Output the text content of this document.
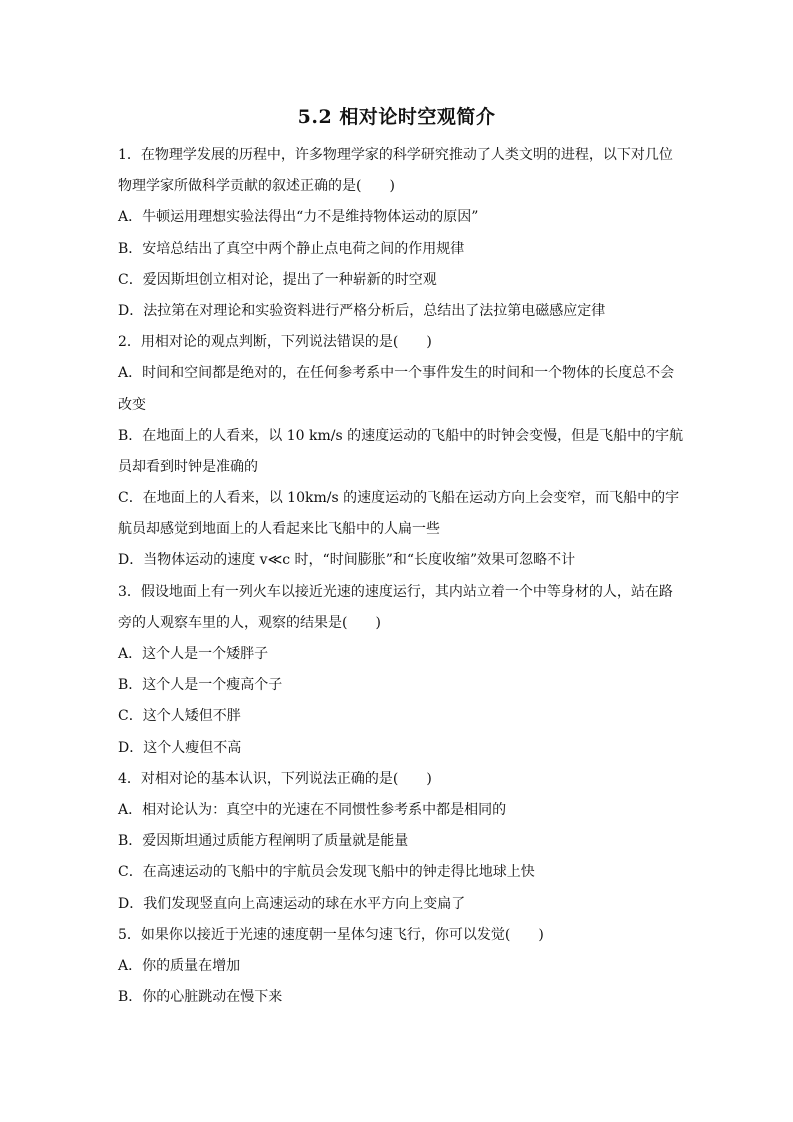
5.2 相对论时空观简介
1．在物理学发展的历程中，许多物理学家的科学研究推动了人类文明的进程，以下对几位
物理学家所做科学贡献的叙述正确的是(　　)
A．牛顿运用理想实验法得出“力不是维持物体运动的原因”
B．安培总结出了真空中两个静止点电荷之间的作用规律
C．爱因斯坦创立相对论，提出了一种崭新的时空观
D．法拉第在对理论和实验资料进行严格分析后，总结出了法拉第电磁感应定律
2．用相对论的观点判断，下列说法错误的是(　　)
A．时间和空间都是绝对的，在任何参考系中一个事件发生的时间和一个物体的长度总不会
改变
B．在地面上的人看来，以 10 km/s 的速度运动的飞船中的时钟会变慢，但是飞船中的宇航
员却看到时钟是准确的
C．在地面上的人看来，以 10km/s 的速度运动的飞船在运动方向上会变窄，而飞船中的宇
航员却感觉到地面上的人看起来比飞船中的人扁一些
D．当物体运动的速度 v≪c 时，“时间膨胀”和“长度收缩”效果可忽略不计
3．假设地面上有一列火车以接近光速的速度运行，其内站立着一个中等身材的人，站在路
旁的人观察车里的人，观察的结果是(　　)
A．这个人是一个矮胖子
B．这个人是一个瘦高个子
C．这个人矮但不胖
D．这个人瘦但不高
4．对相对论的基本认识，下列说法正确的是(　　)
A．相对论认为：真空中的光速在不同惯性参考系中都是相同的
B．爱因斯坦通过质能方程阐明了质量就是能量
C．在高速运动的飞船中的宇航员会发现飞船中的钟走得比地球上快
D．我们发现竖直向上高速运动的球在水平方向上变扁了
5．如果你以接近于光速的速度朝一星体匀速飞行，你可以发觉(　　)
A．你的质量在增加
B．你的心脏跳动在慢下来
